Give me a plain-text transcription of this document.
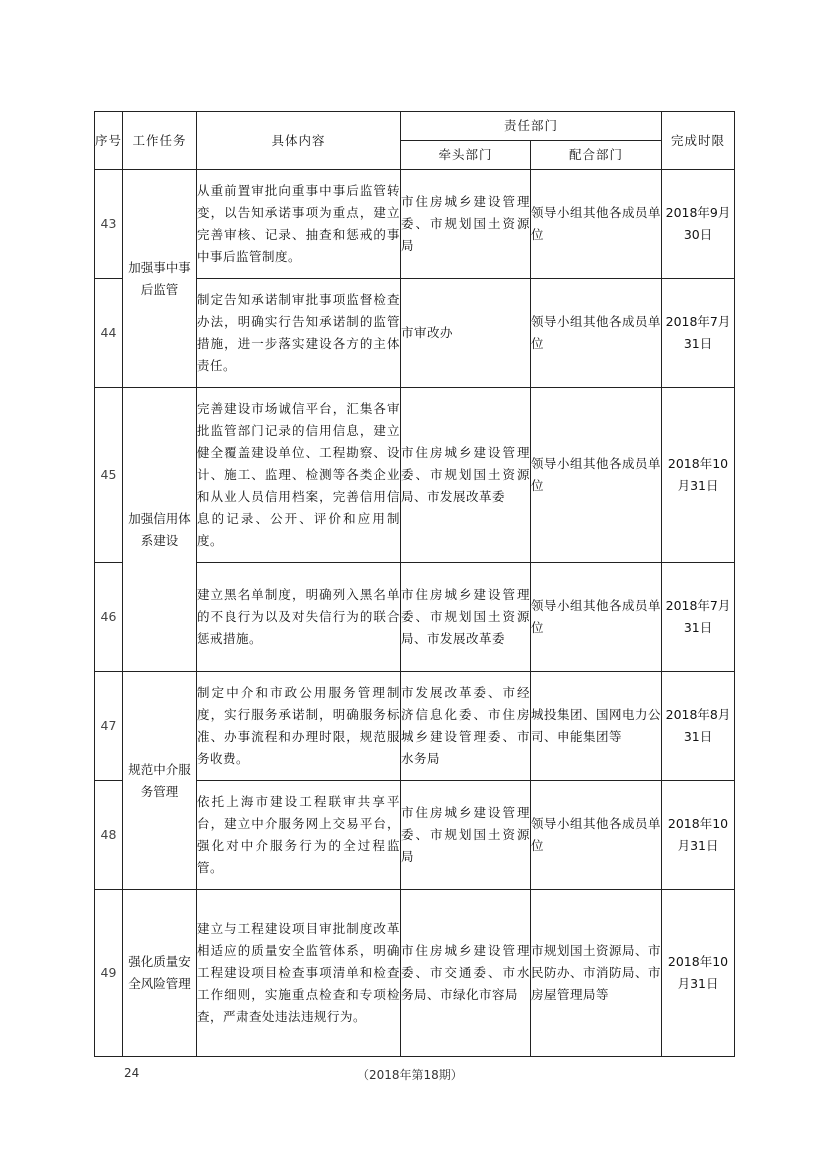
序号	工作任务	具体内容	责任部门		完成时限
			牵头部门	配合部门	
43	加强事中事后监管	从重前置审批向重事中事后监管转变，以告知承诺事项为重点，建立完善审核、记录、抽查和惩戒的事中事后监管制度。	市住房城乡建设管理委、市规划国土资源局	领导小组其他各成员单位	2018年9月30日
44		制定告知承诺制审批事项监督检查办法，明确实行告知承诺制的监管措施，进一步落实建设各方的主体责任。	市审改办	领导小组其他各成员单位	2018年7月31日
45	加强信用体系建设	完善建设市场诚信平台，汇集各审批监管部门记录的信用信息，建立健全覆盖建设单位、工程勘察、设计、施工、监理、检测等各类企业和从业人员信用档案，完善信用信息的记录、公开、评价和应用制度。	市住房城乡建设管理委、市规划国土资源局、市发展改革委	领导小组其他各成员单位	2018年10月31日
46		建立黑名单制度，明确列入黑名单的不良行为以及对失信行为的联合惩戒措施。	市住房城乡建设管理委、市规划国土资源局、市发展改革委	领导小组其他各成员单位	2018年7月31日
47	规范中介服务管理	制定中介和市政公用服务管理制度，实行服务承诺制，明确服务标准、办事流程和办理时限，规范服务收费。	市发展改革委、市经济信息化委、市住房城乡建设管理委、市水务局	城投集团、国网电力公司、申能集团等	2018年8月31日
48		依托上海市建设工程联审共享平台，建立中介服务网上交易平台，强化对中介服务行为的全过程监管。	市住房城乡建设管理委、市规划国土资源局	领导小组其他各成员单位	2018年10月31日
49	强化质量安全风险管理	建立与工程建设项目审批制度改革相适应的质量安全监管体系，明确工程建设项目检查事项清单和检查工作细则，实施重点检查和专项检查，严肃查处违法违规行为。	市住房城乡建设管理委、市交通委、市水务局、市绿化市容局	市规划国土资源局、市民防办、市消防局、市房屋管理局等	2018年10月31日
24	（2018年第18期）
